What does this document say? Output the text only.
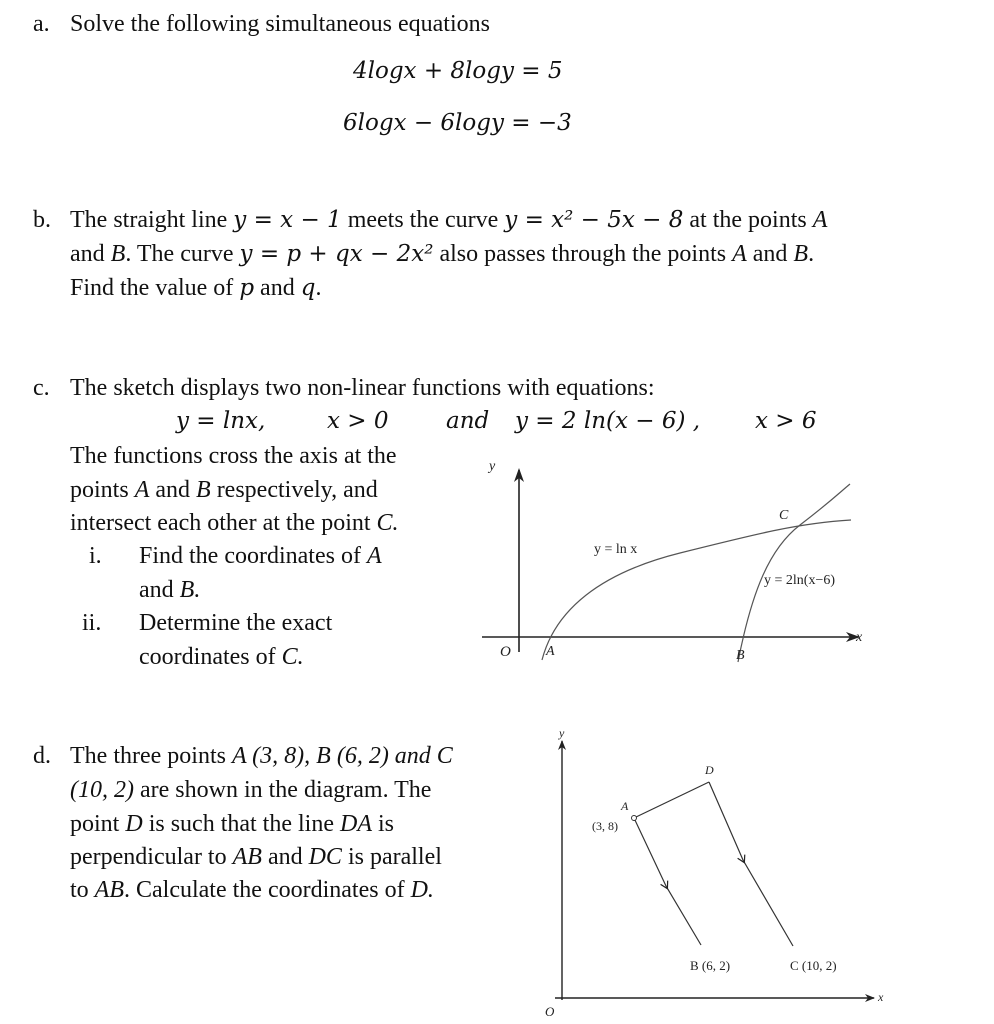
a. Solve the following simultaneous equations
4logx + 8logy = 5
6logx − 6logy = −3
b. The straight line y = x − 1 meets the curve y = x² − 5x − 8 at the points A
and B. The curve y = p + qx − 2x² also passes through the points A and B.
Find the value of p and q.
c. The sketch displays two non-linear functions with equations:
y = lnx,	x > 0	and y = 2 ln(x − 6) , x > 6
The functions cross the axis at the
points A and B respectively, and
intersect each other at the point C.
i. Find the coordinates of A
and B.
ii. Determine the exact
coordinates of C.
y
x
O	A	B
C
y = ln x
y = 2ln(x−6)
d. The three points A (3, 8), B (6, 2) and C
(10, 2) are shown in the diagram. The
point D is such that the line DA is
perpendicular to AB and DC is parallel
to AB. Calculate the coordinates of D.
y
x
O
A
(3, 8)
D
B (6, 2)	C (10, 2)
